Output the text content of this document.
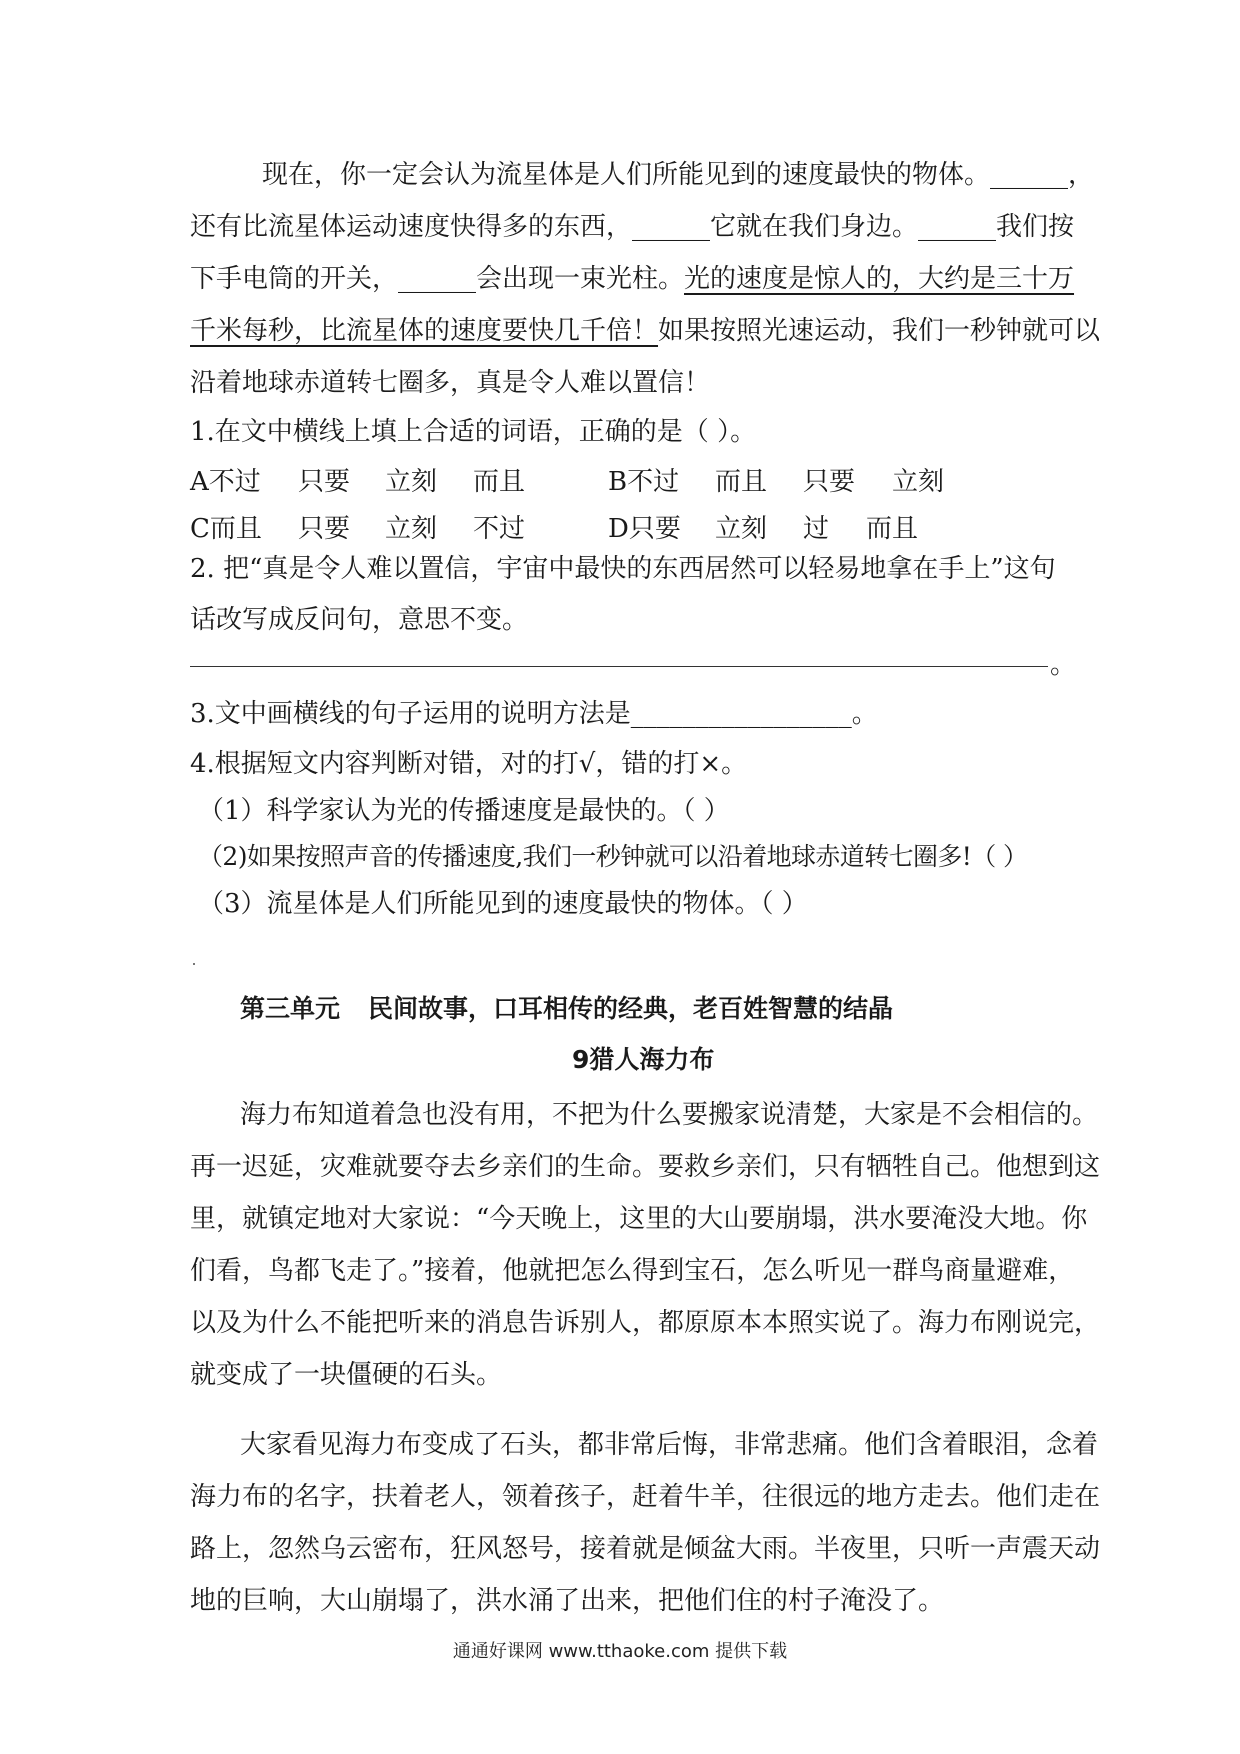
现在，你一定会认为流星体是人们所能见到的速度最快的物体。______，
还有比流星体运动速度快得多的东西，______它就在我们身边。______我们按
下手电筒的开关，______会出现一束光柱。光的速度是惊人的，大约是三十万
千米每秒，比流星体的速度要快几千倍！如果按照光速运动，我们一秒钟就可以
沿着地球赤道转七圈多，真是令人难以置信！
1.在文中横线上填上合适的词语，正确的是（ ）。
A不过 只要 立刻 而且	B不过 而且 只要 立刻
C而且 只要 立刻 不过	D只要 立刻 过 而且
2. 把“真是令人难以置信，宇宙中最快的东西居然可以轻易地拿在手上”这句
话改写成反问句，意思不变。
。
3.文中画横线的句子运用的说明方法是_________________。
4.根据短文内容判断对错，对的打√，错的打×。
（1）科学家认为光的传播速度是最快的。（ ）
（2)如果按照声音的传播速度,我们一秒钟就可以沿着地球赤道转七圈多!（ ）
（3）流星体是人们所能见到的速度最快的物体。（ ）
第三单元 民间故事，口耳相传的经典，老百姓智慧的结晶
9猎人海力布
海力布知道着急也没有用，不把为什么要搬家说清楚，大家是不会相信的。
再一迟延，灾难就要夺去乡亲们的生命。要救乡亲们，只有牺牲自己。他想到这
里，就镇定地对大家说：“今天晚上，这里的大山要崩塌，洪水要淹没大地。你
们看，鸟都飞走了。”接着，他就把怎么得到宝石，怎么听见一群鸟商量避难，
以及为什么不能把听来的消息告诉别人，都原原本本照实说了。海力布刚说完，
就变成了一块僵硬的石头。
大家看见海力布变成了石头，都非常后悔，非常悲痛。他们含着眼泪，念着
海力布的名字，扶着老人，领着孩子，赶着牛羊，往很远的地方走去。他们走在
路上，忽然乌云密布，狂风怒号，接着就是倾盆大雨。半夜里，只听一声震天动
地的巨响，大山崩塌了，洪水涌了出来，把他们住的村子淹没了。
通通好课网 www.tthaoke.com 提供下载
